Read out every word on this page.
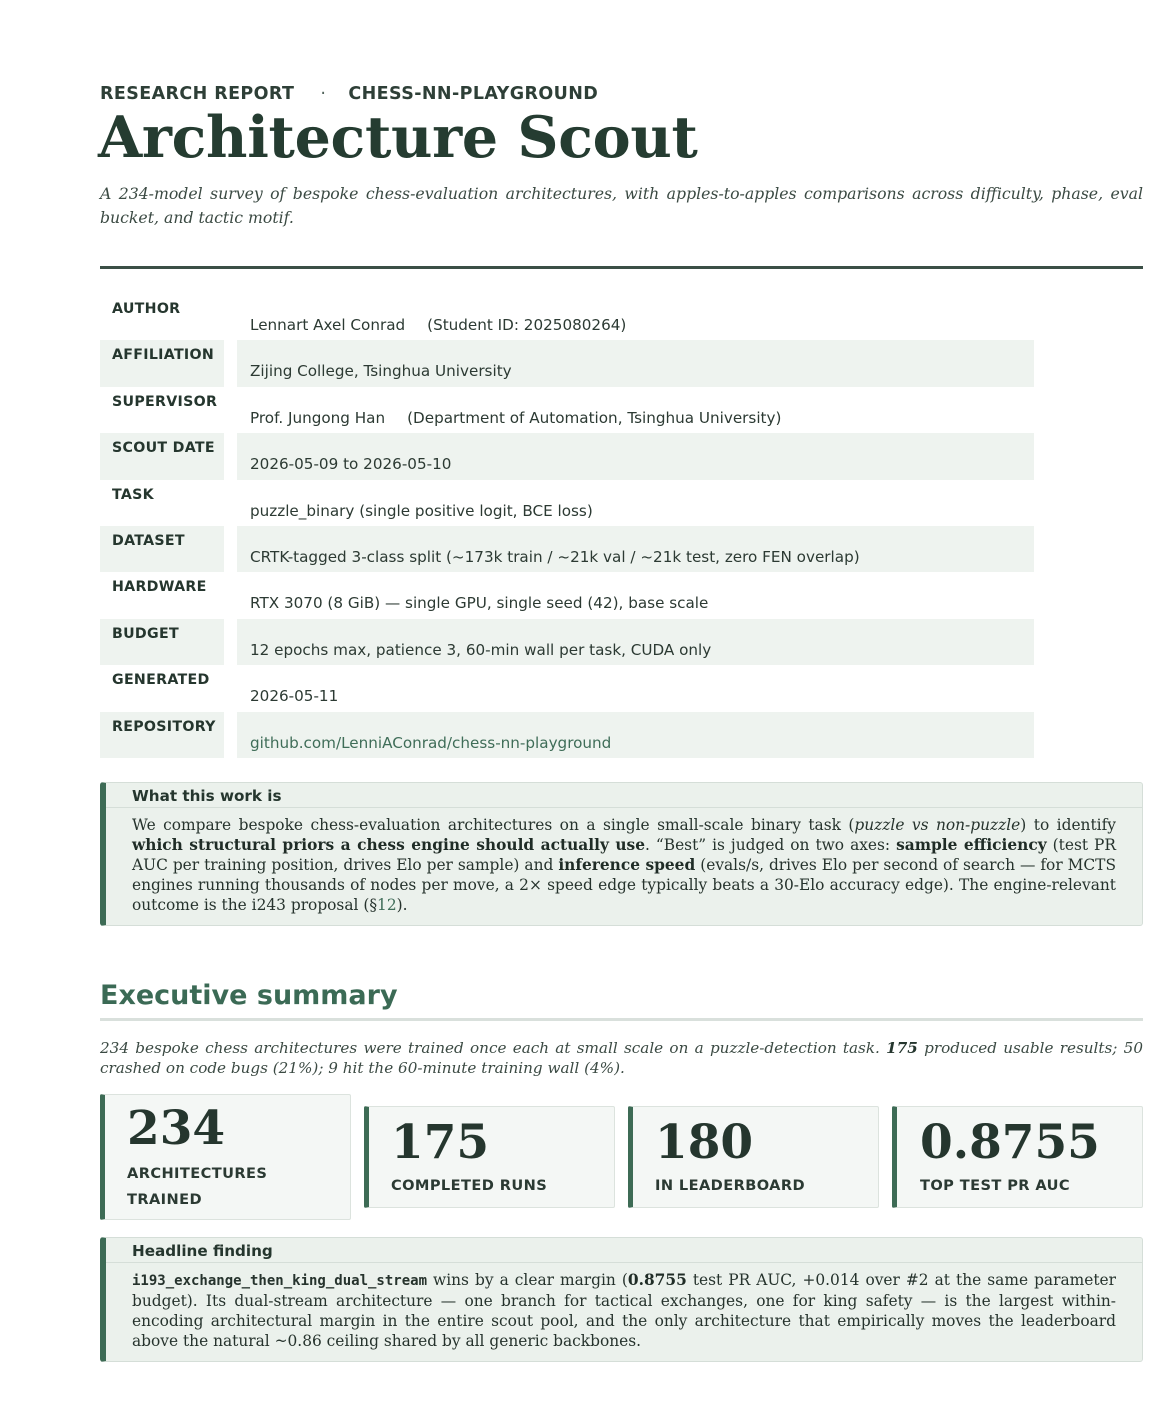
RESEARCH REPORT · CHESS-NN-PLAYGROUND
Architecture Scout

A 234-model survey of bespoke chess-evaluation architectures, with apples-to-apples comparisons across difficulty, phase, eval bucket, and tactic motif.

AUTHOR
Lennart Axel Conrad (Student ID: 2025080264)
AFFILIATION
Zijing College, Tsinghua University
SUPERVISOR
Prof. Jungong Han (Department of Automation, Tsinghua University)
SCOUT DATE
2026-05-09 to 2026-05-10
TASK
puzzle_binary (single positive logit, BCE loss)
DATASET
CRTK-tagged 3-class split (~173k train / ~21k val / ~21k test, zero FEN overlap)
HARDWARE
RTX 3070 (8 GiB) — single GPU, single seed (42), base scale
BUDGET
12 epochs max, patience 3, 60-min wall per task, CUDA only
GENERATED
2026-05-11
REPOSITORY
github.com/LenniAConrad/chess-nn-playground
What this work is
We compare bespoke chess-evaluation architectures on a single small-scale binary task (puzzle vs non-puzzle) to identify which structural priors a chess engine should actually use. “Best” is judged on two axes: sample efficiency (test PR AUC per training position, drives Elo per sample) and inference speed (evals/s, drives Elo per second of search — for MCTS engines running thousands of nodes per move, a 2× speed edge typically beats a 30-Elo accuracy edge). The engine-relevant outcome is the i243 proposal (§12).
Executive summary

234 bespoke chess architectures were trained once each at small scale on a puzzle-detection task. 175 produced usable results; 50 crashed on code bugs (21%); 9 hit the 60-minute training wall (4%).

234
ARCHITECTURES
TRAINED
175
COMPLETED RUNS
180
IN LEADERBOARD
0.8755
TOP TEST PR AUC
Headline finding
i193_exchange_then_king_dual_stream wins by a clear margin (0.8755 test PR AUC, +0.014 over #2 at the same parameter budget). Its dual-stream architecture — one branch for tactical exchanges, one for king safety — is the largest within-encoding architectural margin in the entire scout pool, and the only architecture that empirically moves the leaderboard above the natural ~0.86 ceiling shared by all generic backbones.
